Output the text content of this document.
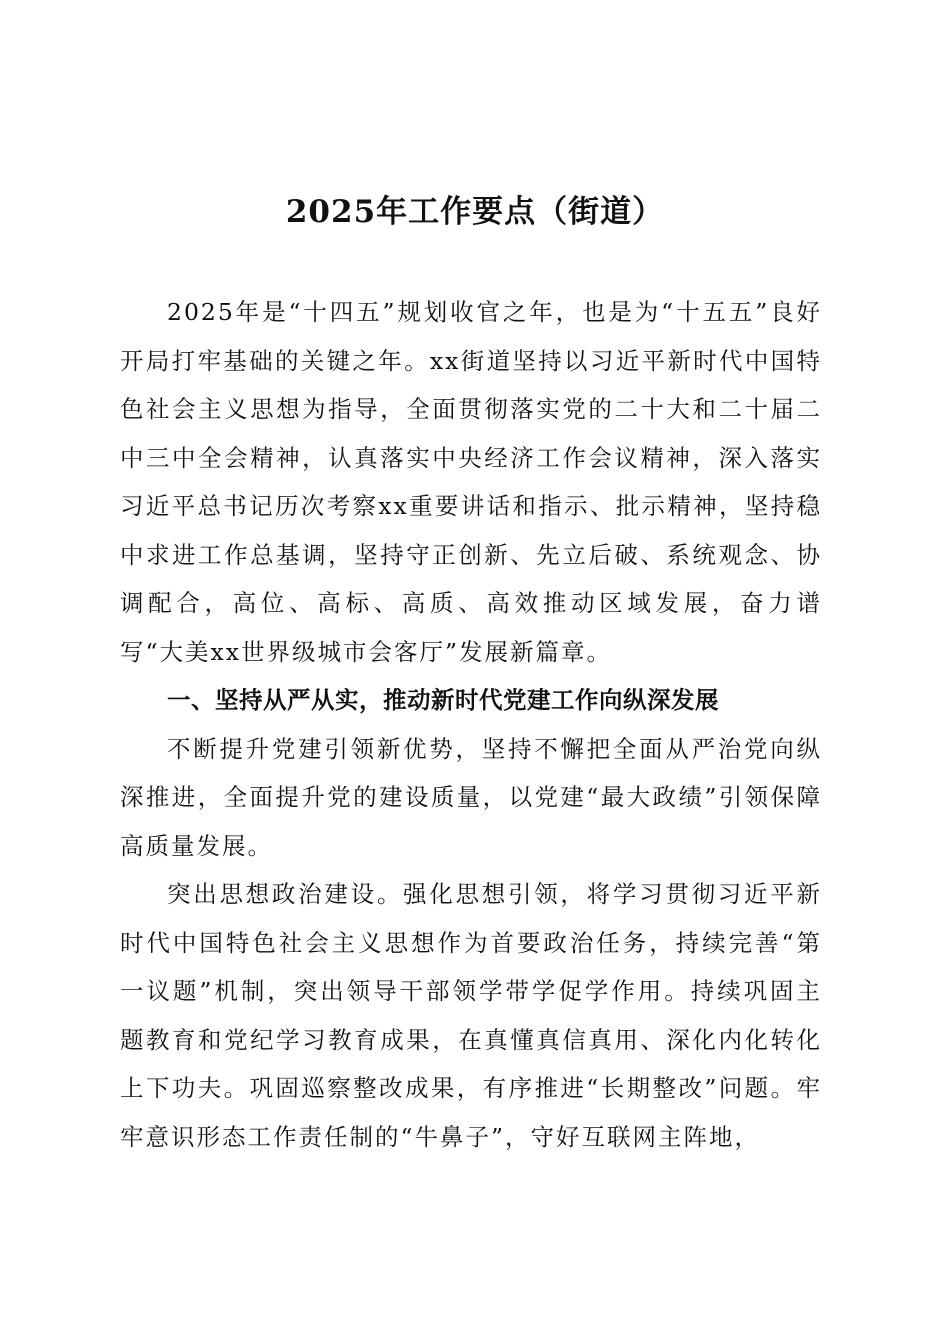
2025年工作要点（街道）

2025年是“十四五”规划收官之年，也是为“十五五”良好开局打牢基础的关键之年。xx街道坚持以习近平新时代中国特色社会主义思想为指导，全面贯彻落实党的二十大和二十届二中三中全会精神，认真落实中央经济工作会议精神，深入落实习近平总书记历次考察xx重要讲话和指示、批示精神，坚持稳中求进工作总基调，坚持守正创新、先立后破、系统观念、协调配合，高位、高标、高质、高效推动区域发展，奋力谱写“大美xx世界级城市会客厅”发展新篇章。

一、坚持从严从实，推动新时代党建工作向纵深发展

不断提升党建引领新优势，坚持不懈把全面从严治党向纵深推进，全面提升党的建设质量，以党建“最大政绩”引领保障高质量发展。

突出思想政治建设。强化思想引领，将学习贯彻习近平新时代中国特色社会主义思想作为首要政治任务，持续完善“第一议题”机制，突出领导干部领学带学促学作用。持续巩固主题教育和党纪学习教育成果，在真懂真信真用、深化内化转化上下功夫。巩固巡察整改成果，有序推进“长期整改”问题。牢牢意识形态工作责任制的“牛鼻子”，守好互联网主阵地，
